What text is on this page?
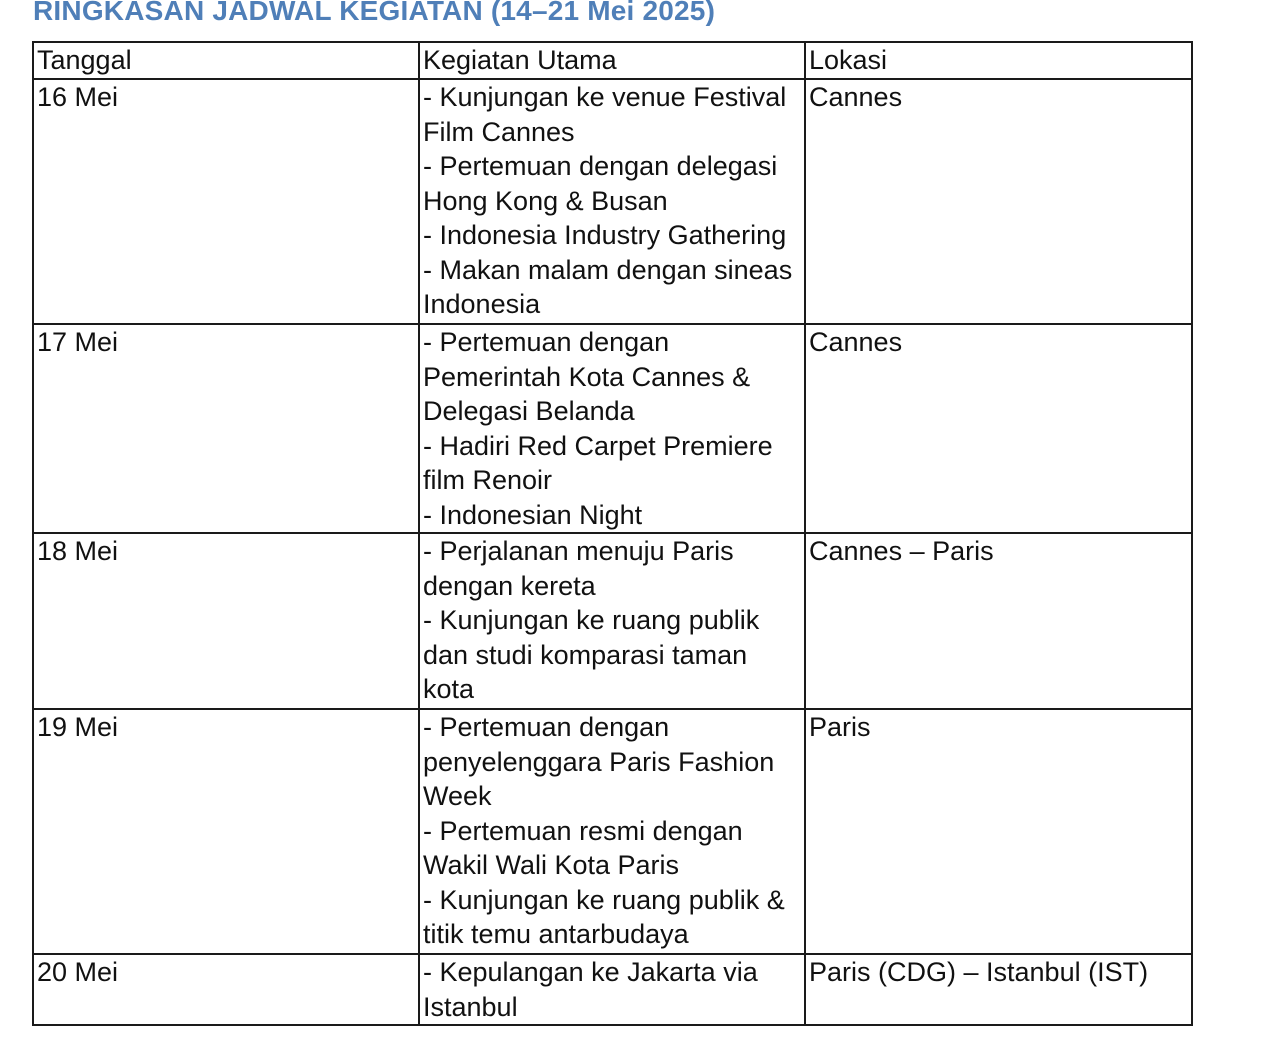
RINGKASAN JADWAL KEGIATAN (14–21 Mei 2025)
Tanggal	Kegiatan Utama	Lokasi
16 Mei	- Kunjungan ke venue Festival Film Cannes
- Pertemuan dengan delegasi Hong Kong & Busan
- Indonesia Industry Gathering
- Makan malam dengan sineas Indonesia	Cannes
17 Mei	- Pertemuan dengan Pemerintah Kota Cannes & Delegasi Belanda
- Hadiri Red Carpet Premiere film Renoir
- Indonesian Night	Cannes
18 Mei	- Perjalanan menuju Paris dengan kereta
- Kunjungan ke ruang publik dan studi komparasi taman kota	Cannes – Paris
19 Mei	- Pertemuan dengan penyelenggara Paris Fashion Week
- Pertemuan resmi dengan Wakil Wali Kota Paris
- Kunjungan ke ruang publik & titik temu antarbudaya	Paris
20 Mei	- Kepulangan ke Jakarta via Istanbul	Paris (CDG) – Istanbul (IST)
